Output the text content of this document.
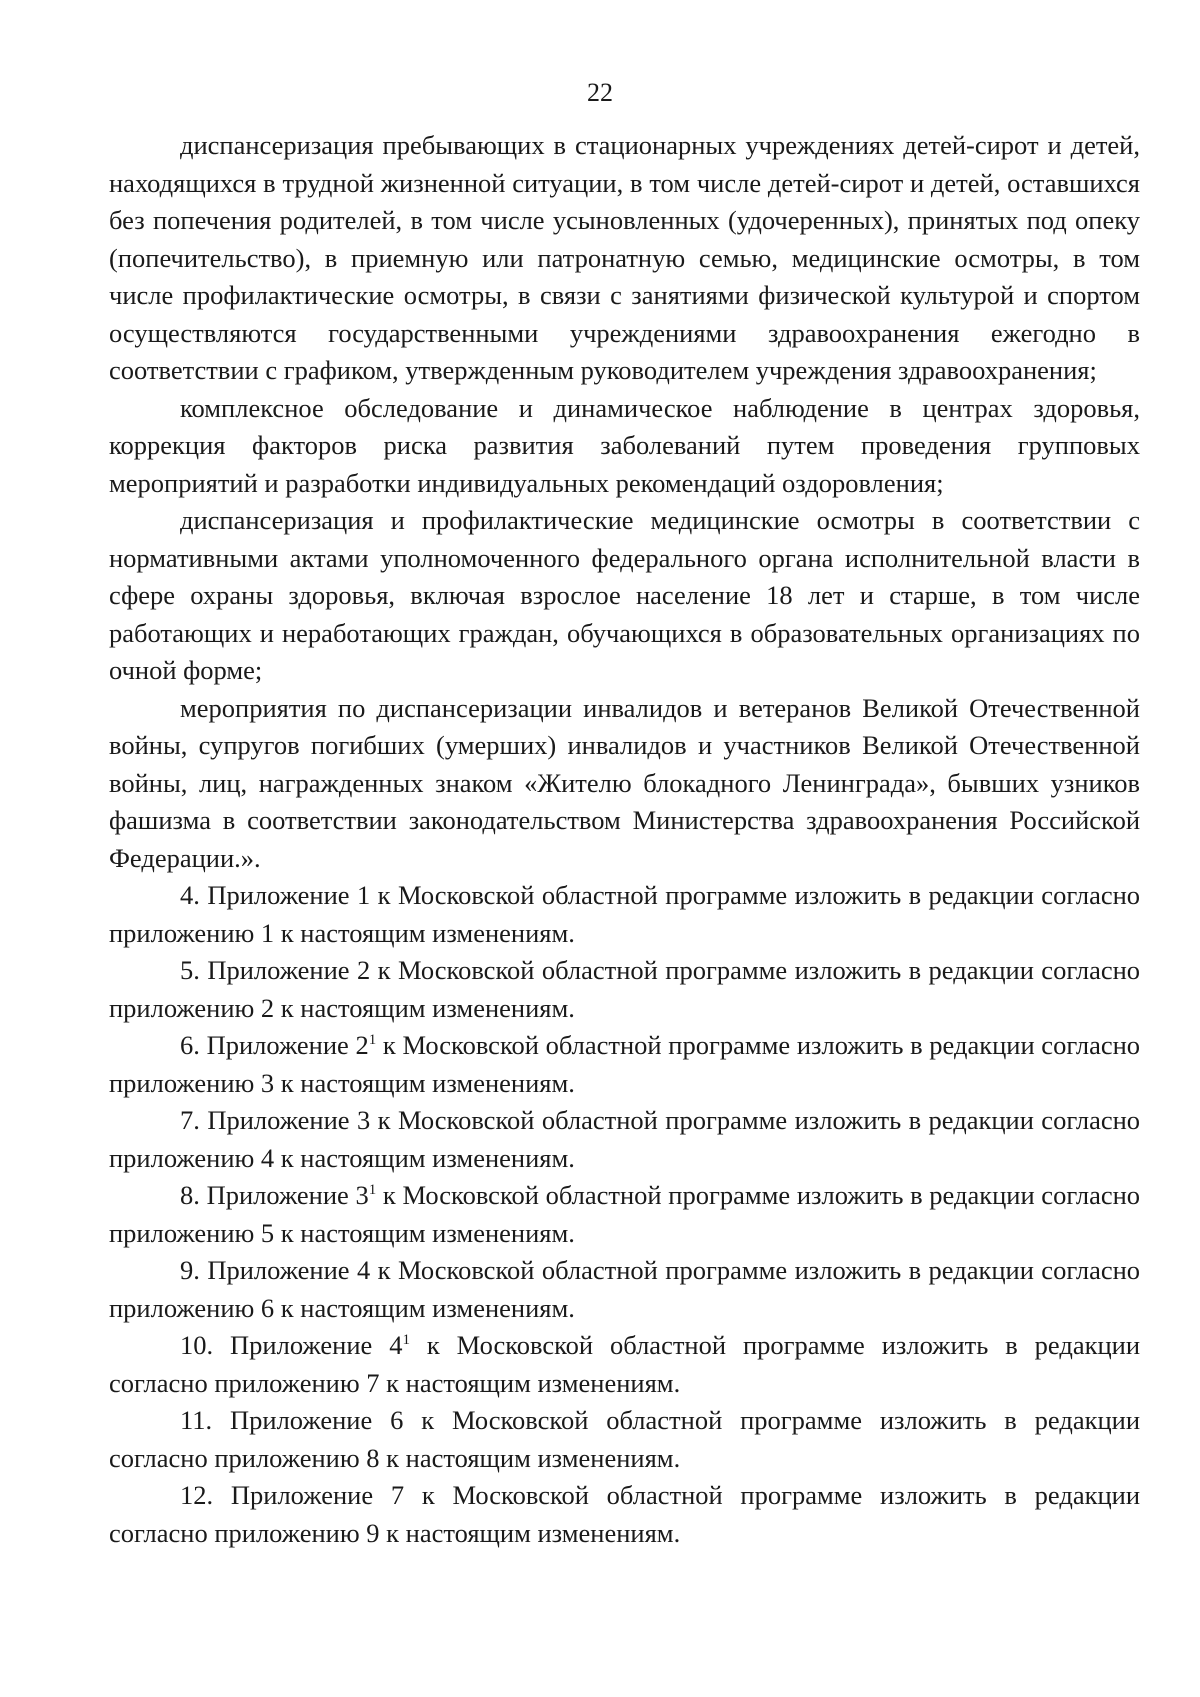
22

диспансеризация пребывающих в стационарных учреждениях детей-сирот и детей, находящихся в трудной жизненной ситуации, в том числе детей-сирот и детей, оставшихся без попечения родителей, в том числе усыновленных (удочеренных), принятых под опеку (попечительство), в приемную или патронатную семью, медицинские осмотры, в том числе профилактические осмотры, в связи с занятиями физической культурой и спортом осуществляются государственными учреждениями здравоохранения ежегодно в соответствии с графиком, утвержденным руководителем учреждения здравоохранения;

комплексное обследование и динамическое наблюдение в центрах здоровья, коррекция факторов риска развития заболеваний путем проведения групповых мероприятий и разработки индивидуальных рекомендаций оздоровления;

диспансеризация и профилактические медицинские осмотры в соответствии с нормативными актами уполномоченного федерального органа исполнительной власти в сфере охраны здоровья, включая взрослое население 18 лет и старше, в том числе работающих и неработающих граждан, обучающихся в образовательных организациях по очной форме;

мероприятия по диспансеризации инвалидов и ветеранов Великой Отечественной войны, супругов погибших (умерших) инвалидов и участников Великой Отечественной войны, лиц, награжденных знаком «Жителю блокадного Ленинграда», бывших узников фашизма в соответствии законодательством Министерства здравоохранения Российской Федерации.».

4. Приложение 1 к Московской областной программе изложить в редакции согласно приложению 1 к настоящим изменениям.

5. Приложение 2 к Московской областной программе изложить в редакции согласно приложению 2 к настоящим изменениям.

6. Приложение $2^1$ к Московской областной программе изложить в редакции согласно приложению 3 к настоящим изменениям.

7. Приложение 3 к Московской областной программе изложить в редакции согласно приложению 4 к настоящим изменениям.

8. Приложение $3^1$ к Московской областной программе изложить в редакции согласно приложению 5 к настоящим изменениям.

9. Приложение 4 к Московской областной программе изложить в редакции согласно приложению 6 к настоящим изменениям.

10. Приложение $4^1$ к Московской областной программе изложить в редакции согласно приложению 7 к настоящим изменениям.

11. Приложение 6 к Московской областной программе изложить в редакции согласно приложению 8 к настоящим изменениям.

12. Приложение 7 к Московской областной программе изложить в редакции согласно приложению 9 к настоящим изменениям.
